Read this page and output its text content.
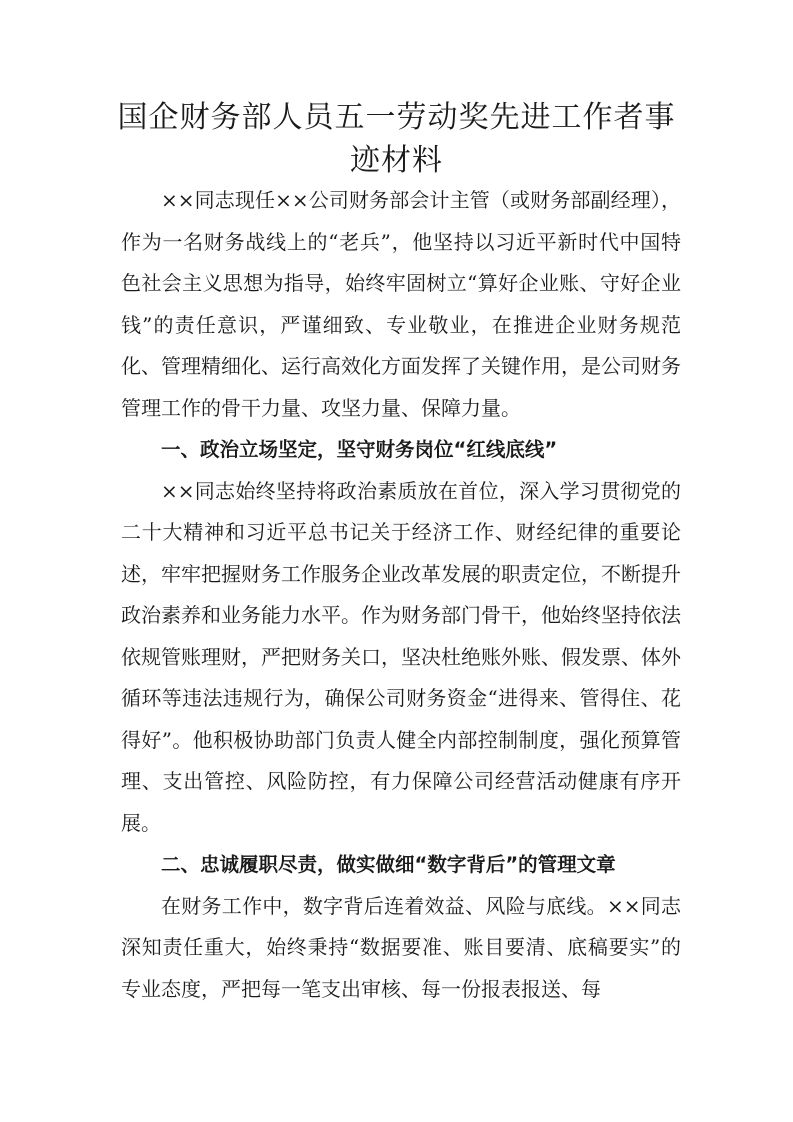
国企财务部人员五一劳动奖先进工作者事
迹材料

××同志现任××公司财务部会计主管（或财务部副经理），作为一名财务战线上的“老兵”，他坚持以习近平新时代中国特色社会主义思想为指导，始终牢固树立“算好企业账、守好企业钱”的责任意识，严谨细致、专业敬业，在推进企业财务规范化、管理精细化、运行高效化方面发挥了关键作用，是公司财务管理工作的骨干力量、攻坚力量、保障力量。

一、政治立场坚定，坚守财务岗位“红线底线”

××同志始终坚持将政治素质放在首位，深入学习贯彻党的二十大精神和习近平总书记关于经济工作、财经纪律的重要论述，牢牢把握财务工作服务企业改革发展的职责定位，不断提升政治素养和业务能力水平。作为财务部门骨干，他始终坚持依法依规管账理财，严把财务关口，坚决杜绝账外账、假发票、体外循环等违法违规行为，确保公司财务资金“进得来、管得住、花得好”。他积极协助部门负责人健全内部控制制度，强化预算管理、支出管控、风险防控，有力保障公司经营活动健康有序开展。

二、忠诚履职尽责，做实做细“数字背后”的管理文章

在财务工作中，数字背后连着效益、风险与底线。××同志深知责任重大，始终秉持“数据要准、账目要清、底稿要实”的专业态度，严把每一笔支出审核、每一份报表报送、每
